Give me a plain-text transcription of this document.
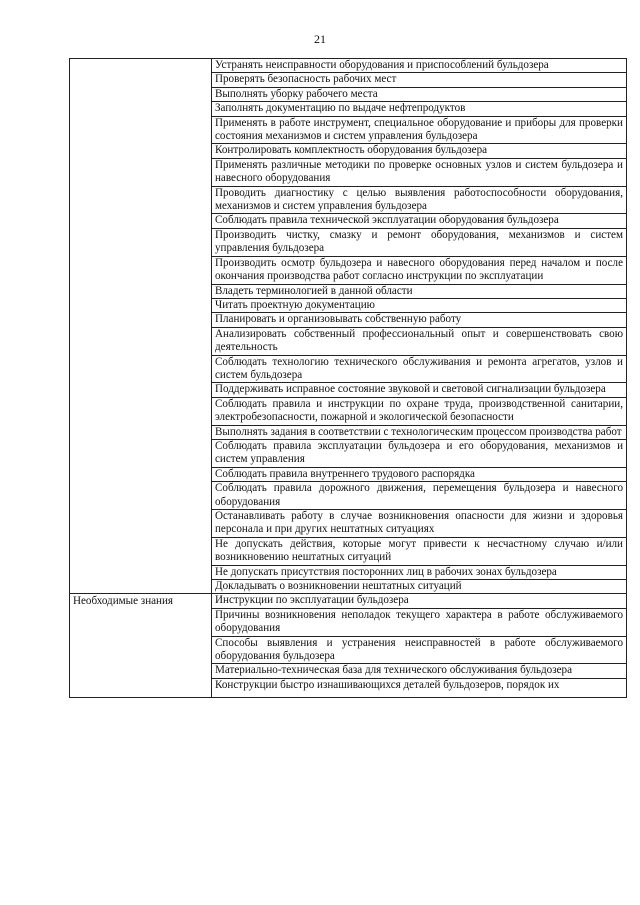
21
	Устранять неисправности оборудования и приспособлений бульдозера
	Проверять безопасность рабочих мест
	Выполнять уборку рабочего места
	Заполнять документацию по выдаче нефтепродуктов
	Применять в работе инструмент, специальное оборудование и приборы для проверки состояния механизмов и систем управления бульдозера
	Контролировать комплектность оборудования бульдозера
	Применять различные методики по проверке основных узлов и систем бульдозера и навесного оборудования
	Проводить диагностику с целью выявления работоспособности оборудования, механизмов и систем управления бульдозера
	Соблюдать правила технической эксплуатации оборудования бульдозера
	Производить чистку, смазку и ремонт оборудования, механизмов и систем управления бульдозера
	Производить осмотр бульдозера и навесного оборудования перед началом и после окончания производства работ согласно инструкции по эксплуатации
	Владеть терминологией в данной области
	Читать проектную документацию
	Планировать и организовывать собственную работу
	Анализировать собственный профессиональный опыт и совершенствовать свою деятельность
	Соблюдать технологию технического обслуживания и ремонта агрегатов, узлов и систем бульдозера
	Поддерживать исправное состояние звуковой и световой сигнализации бульдозера
	Соблюдать правила и инструкции по охране труда, производственной санитарии, электробезопасности, пожарной и экологической безопасности
	Выполнять задания в соответствии с технологическим процессом производства работ
	Соблюдать правила эксплуатации бульдозера и его оборудования, механизмов и систем управления
	Соблюдать правила внутреннего трудового распорядка
	Соблюдать правила дорожного движения, перемещения бульдозера и навесного оборудования
	Останавливать работу в случае возникновения опасности для жизни и здоровья персонала и при других нештатных ситуациях
	Не допускать действия, которые могут привести к несчастному случаю и/или возникновению нештатных ситуаций
	Не допускать присутствия посторонних лиц в рабочих зонах бульдозера
	Докладывать о возникновении нештатных ситуаций
Необходимые знания	Инструкции по эксплуатации бульдозера
	Причины возникновения неполадок текущего характера в работе обслуживаемого оборудования
	Способы выявления и устранения неисправностей в работе обслуживаемого оборудования бульдозера
	Материально-техническая база для технического обслуживания бульдозера
	Конструкции быстро изнашивающихся деталей бульдозеров, порядок их
